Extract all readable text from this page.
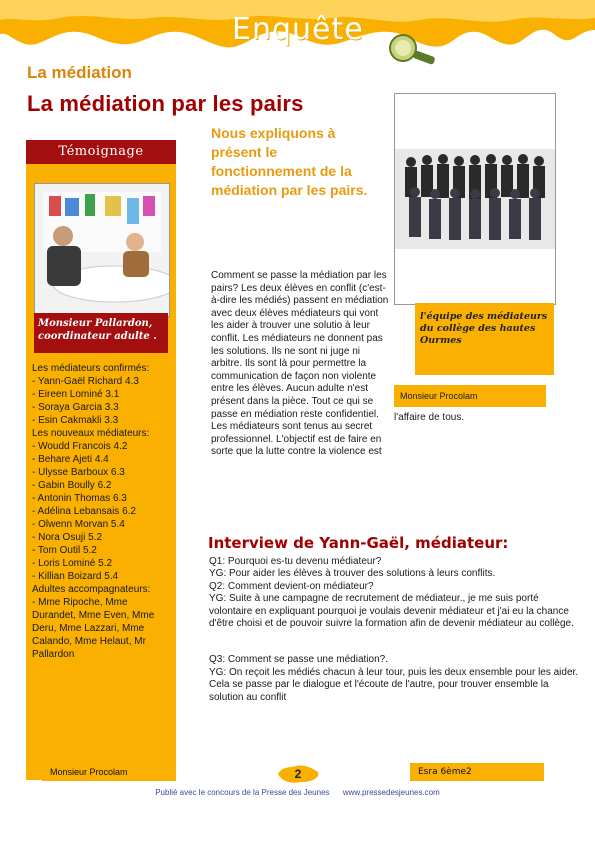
Enquête
La médiation
La médiation par les pairs
Témoignage
Monsieur Pallardon, coordinateur adulte .
Les médiateurs confirmés:
- Yann-Gaël Richard 4.3
- Eireen Lominé 3.1
- Soraya Garcia 3.3
- Esin Cakmakli 3.3
Les nouveaux médiateurs:
- Woudd Francois 4.2
- Behare Ajeti 4.4
- Ulysse Barboux 6.3
- Gabin Boully 6.2
- Antonin Thomas 6.3
- Adélina Lebansais 6.2
- Olwenn Morvan 5.4
- Nora Osuji 5.2
- Tom Outil 5.2
- Loris Lominé 5.2
- Killian Boizard 5.4
Adultes accompagnateurs:
- Mme Ripoche, Mme Durandet, Mme Even, Mme Deru, Mme Lazzari, Mme Calando, Mme Helaut, Mr Pallardon
Nous expliquons à présent le fonctionnement de la médiation par les pairs.
Comment se passe la médiation par les pairs? Les deux élèves en conflit (c'est-à-dire les médiés) passent en médiation avec deux élèves médiateurs qui vont les aider à trouver une solutio à leur conflit. Les médiateurs ne donnent pas les solutions. Ils ne sont ni juge ni arbitre. Ils sont là pour permettre la communication de façon non violente entre les élèves. Aucun adulte n'est présent dans la pièce. Tout ce qui se passe en médiation reste confidentiel. Les médiateurs sont tenus au secret professionnel. L'objectif est de faire en sorte que la lutte contre la violence est
l'équipe des médiateurs du collège des hautes Ourmes
Monsieur Procolam
l'affaire de tous.
Interview de Yann-Gaël, médiateur:

Q1: Pourquoi es-tu devenu médiateur?

YG: Pour aider les élèves à trouver des solutions à leurs conflits.

Q2: Comment devient-on médiateur?

YG: Suite à une campagne de recrutement de médiateur., je me suis porté volontaire en expliquant pourquoi je voulais devenir médiateur et j'ai eu la chance d'être choisi et de pouvoir suivre la formation afin de devenir médiateur au collège.

Q3: Comment se passe une médiation?.

YG: On reçoit les médiés chacun à leur tour, puis les deux ensemble pour les aider. Cela se passe par le dialogue et l'écoute de l'autre, pour trouver ensemble la solution au conflit

Monsieur Procolam	2	Esra 6ème2
Publié avec le concours de la Presse des Jeunes      www.pressedesjeunes.com
